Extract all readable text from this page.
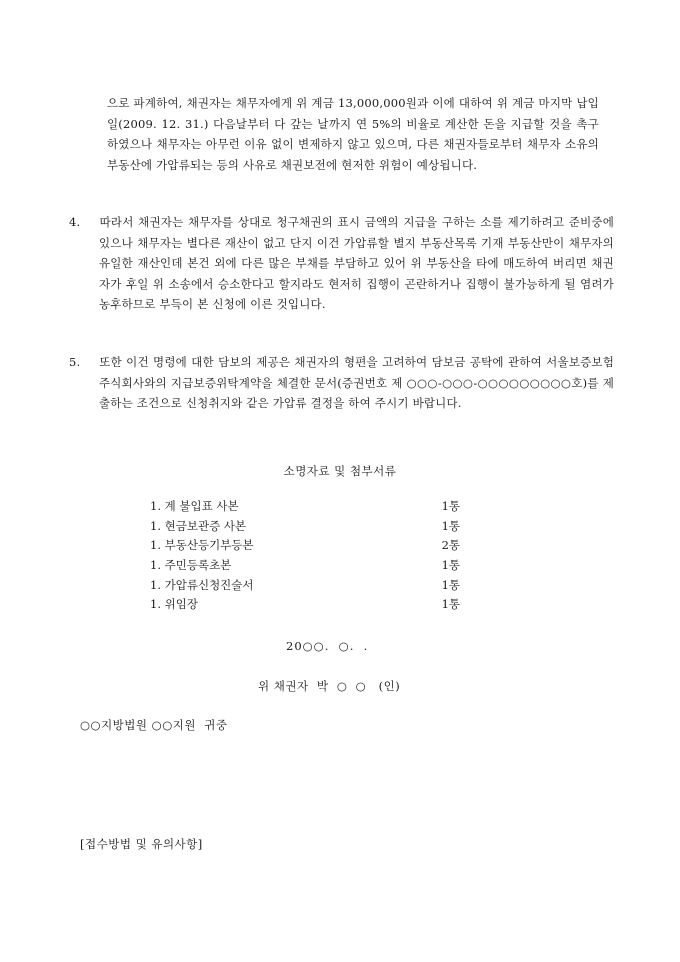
으로 파계하여, 채권자는 채무자에게 위 계금 13,000,000원과 이에 대하여 위 계금 마지막 납입일(2009. 12. 31.) 다음날부터 다 갚는 날까지 연 5%의 비율로 계산한 돈을 지급할 것을 촉구하였으나 채무자는 아무런 이유 없이 변제하지 않고 있으며, 다른 채권자들로부터 채무자 소유의 부동산에 가압류되는 등의 사유로 채권보전에 현저한 위험이 예상됩니다.
4. 따라서 채권자는 채무자를 상대로 청구채권의 표시 금액의 지급을 구하는 소를 제기하려고 준비중에 있으나 채무자는 별다른 재산이 없고 단지 이건 가압류할 별지 부동산목록 기재 부동산만이 채무자의 유일한 재산인데 본건 외에 다른 많은 부채를 부담하고 있어 위 부동산을 타에 매도하여 버리면 채권자가 후일 위 소송에서 승소한다고 할지라도 현저히 집행이 곤란하거나 집행이 불가능하게 될 염려가 농후하므로 부득이 본 신청에 이른 것입니다.
5. 또한 이건 명령에 대한 담보의 제공은 채권자의 형편을 고려하여 담보금 공탁에 관하여 서울보증보험주식회사와의 지급보증위탁계약을 체결한 문서(증권번호 제 ○○○-○○○-○○○○○○○○○호)를 제출하는 조건으로 신청취지와 같은 가압류 결정을 하여 주시기 바랍니다.
소명자료 및 첨부서류
1. 계 불입표 사본	1통
1. 현금보관증 사본	1통
1. 부동산등기부등본	2통
1. 주민등록초본	1통
1. 가압류신청진술서	1통
1. 위임장	1통
20○○.  ○.  .
위 채권자  박  ○  ○   (인)
○○지방법원 ○○지원  귀중
[접수방법 및 유의사항]
